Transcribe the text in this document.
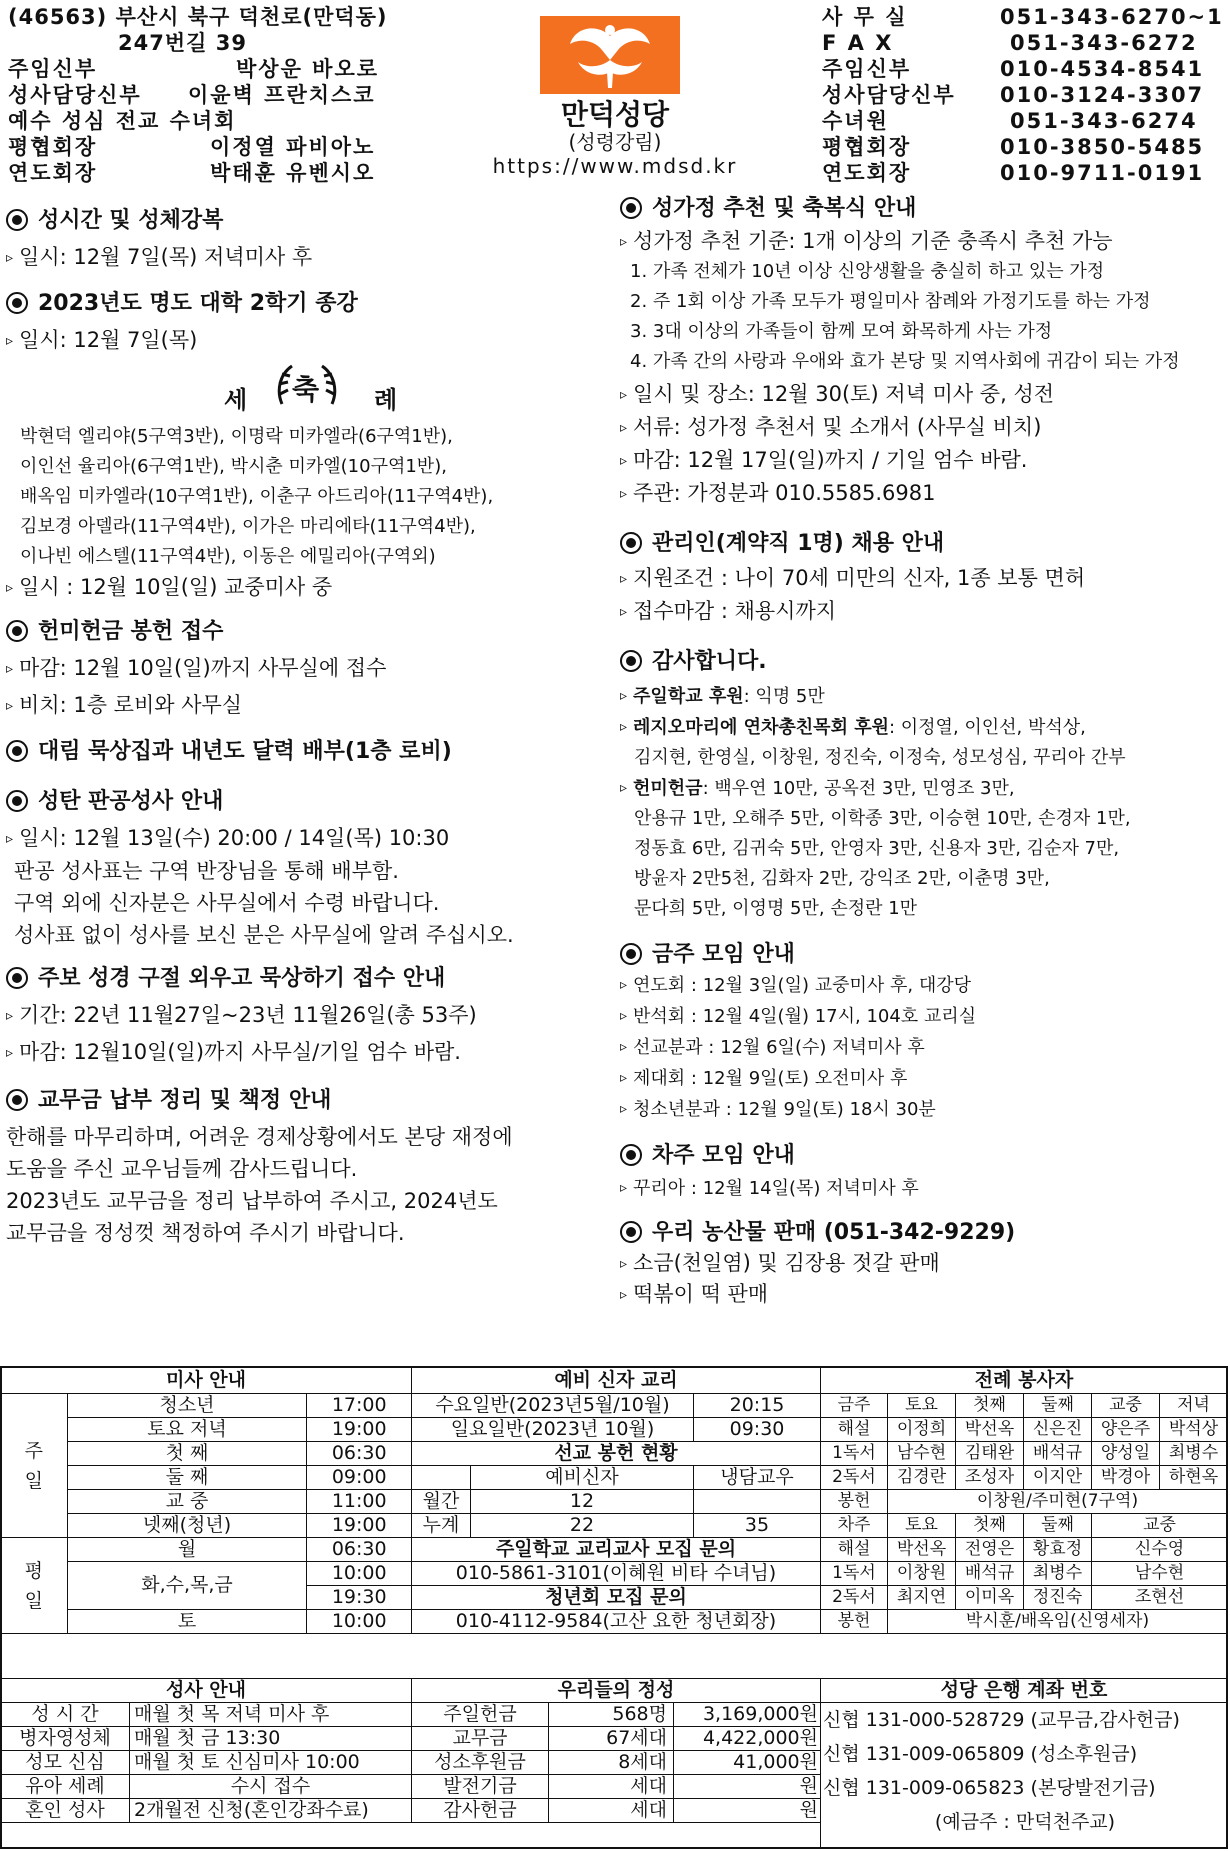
(46563) 부산시 북구 덕천로(만덕동)
247번길 39
주임신부	박상운 바오로
성사담당신부 이윤벽 프란치스코
예수 성심 전교 수녀회
평협회장	이정열 파비아노
연도회장	박태훈 유벤시오
만덕성당
(성령강림)
https://www.mdsd.kr
사 무 실	051-343-6270~1
F A X	051-343-6272
주임신부	010-4534-8541
성사담당신부 010-3124-3307
수녀원	051-343-6274
평협회장	010-3850-5485
연도회장	010-9711-0191
성시간 및 성체강복
▹ 일시: 12월 7일(목) 저녁미사 후
2023년도 명도 대학 2학기 종강
▹ 일시: 12월 7일(목)
세 축 례
박현덕 엘리야(5구역3반), 이명락 미카엘라(6구역1반),
이인선 율리아(6구역1반), 박시춘 미카엘(10구역1반),
배옥임 미카엘라(10구역1반), 이춘구 아드리아(11구역4반),
김보경 아델라(11구역4반), 이가은 마리에타(11구역4반),
이나빈 에스텔(11구역4반), 이동은 에밀리아(구역외)
▹ 일시 : 12월 10일(일) 교중미사 중
헌미헌금 봉헌 접수
▹ 마감: 12월 10일(일)까지 사무실에 접수
▹ 비치: 1층 로비와 사무실
대림 묵상집과 내년도 달력 배부(1층 로비)
성탄 판공성사 안내
▹ 일시: 12월 13일(수) 20:00 / 14일(목) 10:30
판공 성사표는 구역 반장님을 통해 배부함.
구역 외에 신자분은 사무실에서 수령 바랍니다.
성사표 없이 성사를 보신 분은 사무실에 알려 주십시오.
주보 성경 구절 외우고 묵상하기 접수 안내
▹ 기간: 22년 11월27일~23년 11월26일(총 53주)
▹ 마감: 12월10일(일)까지 사무실/기일 엄수 바람.
교무금 납부 정리 및 책정 안내
한해를 마무리하며, 어려운 경제상황에서도 본당 재정에
도움을 주신 교우님들께 감사드립니다.
2023년도 교무금을 정리 납부하여 주시고, 2024년도
교무금을 정성껏 책정하여 주시기 바랍니다.
성가정 추천 및 축복식 안내
▹ 성가정 추천 기준: 1개 이상의 기준 충족시 추천 가능
1. 가족 전체가 10년 이상 신앙생활을 충실히 하고 있는 가정
2. 주 1회 이상 가족 모두가 평일미사 참례와 가정기도를 하는 가정
3. 3대 이상의 가족들이 함께 모여 화목하게 사는 가정
4. 가족 간의 사랑과 우애와 효가 본당 및 지역사회에 귀감이 되는 가정
▹ 일시 및 장소: 12월 30(토) 저녁 미사 중, 성전
▹ 서류: 성가정 추천서 및 소개서 (사무실 비치)
▹ 마감: 12월 17일(일)까지 / 기일 엄수 바람.
▹ 주관: 가정분과 010.5585.6981
관리인(계약직 1명) 채용 안내
▹ 지원조건 : 나이 70세 미만의 신자, 1종 보통 면허
▹ 접수마감 : 채용시까지
감사합니다.
▹ 주일학교 후원: 익명 5만
▹ 레지오마리에 연차총친목회 후원: 이정열, 이인선, 박석상,
김지현, 한영실, 이창원, 정진숙, 이정숙, 성모성심, 꾸리아 간부
▹ 헌미헌금: 백우연 10만, 공옥전 3만, 민영조 3만,
안용규 1만, 오해주 5만, 이학종 3만, 이승현 10만, 손경자 1만,
정동효 6만, 김귀숙 5만, 안영자 3만, 신용자 3만, 김순자 7만,
방윤자 2만5천, 김화자 2만, 강익조 2만, 이춘명 3만,
문다희 5만, 이영명 5만, 손정란 1만
금주 모임 안내
▹ 연도회 : 12월 3일(일) 교중미사 후, 대강당
▹ 반석회 : 12월 4일(월) 17시, 104호 교리실
▹ 선교분과 : 12월 6일(수) 저녁미사 후
▹ 제대회 : 12월 9일(토) 오전미사 후
▹ 청소년분과 : 12월 9일(토) 18시 30분
차주 모임 안내
▹ 꾸리아 : 12월 14일(목) 저녁미사 후
우리 농산물 판매 (051-342-9229)
▹ 소금(천일염) 및 김장용 젓갈 판매
▹ 떡볶이 떡 판매
미사 안내		
주
일	청소년	17:00
	토요 저녁	19:00
	첫 째	06:30
	둘 째	09:00
	교 중	11:00
	넷째(청년)	19:00
평
일	월	06:30
	화,수,목,금	10:00
		19:30
	토	10:00
예비 신자 교리		
수요일반(2023년5월/10월)		20:15
일요일반(2023년 10월)		09:30
선교 봉헌 현황		
	예비신자	냉담교우
월간	12	
누계	22	35
주일학교 교리교사 모집 문의		
010-5861-3101(이혜원 비타 수녀님)		
청년회 모집 문의		
010-4112-9584(고산 요한 청년회장)		
전례 봉사자					
금주	토요	첫째	둘째	교중	저녁
해설	이정희	박선옥	신은진	양은주	박석상
1독서	남수현	김태완	배석규	양성일	최병수
2독서	김경란	조성자	이지안	박경아	하현옥
봉헌	이창원/주미현(7구역)				
차주	토요	첫째	둘째	교중	
해설	박선옥	전영은	황효정	신수영	
1독서	이창원	배석규	최병수	남수현	
2독서	최지연	이미옥	정진숙	조현선	
봉헌	박시훈/배옥임(신영세자)				
성사 안내	
성 시 간	매월 첫 목 저녁 미사 후
병자영성체	매월 첫 금 13:30
성모 신심	매월 첫 토 신심미사 10:00
유아 세례	수시 접수
혼인 성사	2개월전 신청(혼인강좌수료)
우리들의 정성		
주일헌금	568명	3,169,000원
교무금	67세대	4,422,000원
성소후원금	8세대	41,000원
발전기금	세대	원
감사헌금	세대	원
성당 은행 계좌 번호

신협 131-000-528729 (교무금,감사헌금)
신협 131-009-065809 (성소후원금)
신협 131-009-065823 (본당발전기금)
(예금주 : 만덕천주교)
